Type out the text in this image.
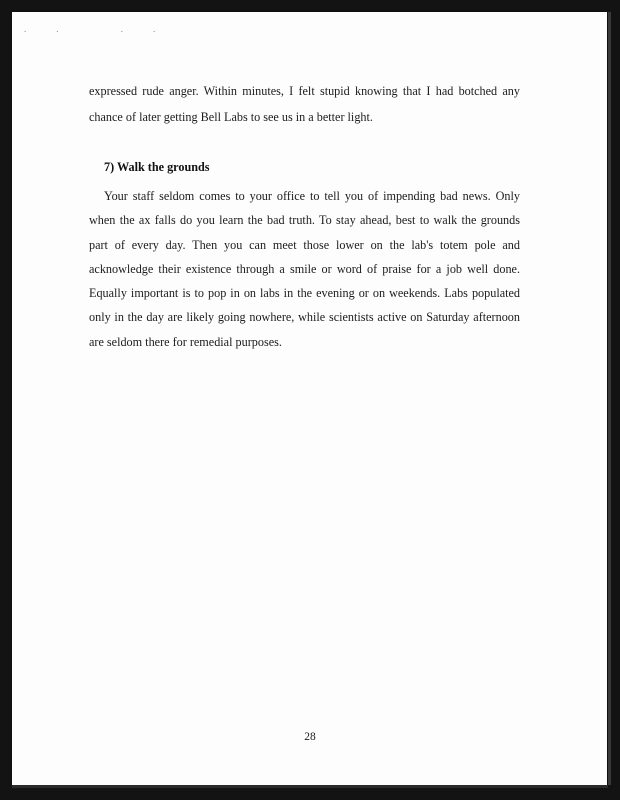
.. ..

expressed rude anger. Within minutes, I felt stupid knowing that I had botched any chance of later getting Bell Labs to see us in a better light.

7) Walk the grounds

Your staff seldom comes to your office to tell you of impending bad news. Only when the ax falls do you learn the bad truth. To stay ahead, best to walk the grounds part of every day. Then you can meet those lower on the lab's totem pole and acknowledge their existence through a smile or word of praise for a job well done. Equally important is to pop in on labs in the evening or on weekends. Labs populated only in the day are likely going nowhere, while scientists active on Saturday afternoon are seldom there for remedial purposes.

28
